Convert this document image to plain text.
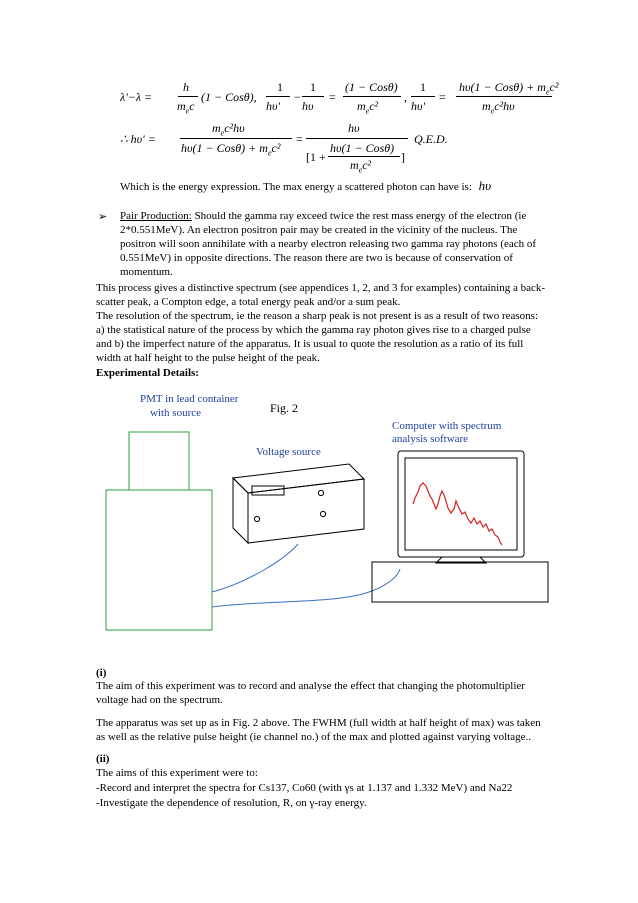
λ'−λ =
h
$m_ec$
(1 − Cosθ),
1
hυ'
−
1
hυ
=
(1 − Cosθ)
$m_ec^2$
,
1
hυ'
=
$h\upsilon(1 - Cos\theta) + m_ec^2$
$m_ec^2h\upsilon$
∴ hυ' =
$m_ec^2h\upsilon$
$h\upsilon(1 - Cos\theta) + m_ec^2$
=
hυ
[1 +
hυ(1 − Cosθ)
$m_ec^2$
]
Q.E.D.
Which is the energy expression. The max energy a scattered photon can have is: hυ
➢ Pair Production: Should the gamma ray exceed twice the rest mass energy of the electron (ie 2*0.551MeV). An electron positron pair may be created in the vicinity of the nucleus. The positron will soon annihilate with a nearby electron releasing two gamma ray photons (each of 0.551MeV) in opposite directions. The reason there are two is because of conservation of momentum.
This process gives a distinctive spectrum (see appendices 1, 2, and 3 for examples) containing a back-scatter peak, a Compton edge, a total energy peak and/or a sum peak.
The resolution of the spectrum, ie the reason a sharp peak is not present is as a result of two reasons: a) the statistical nature of the process by which the gamma ray photon gives rise to a charged pulse and b) the imperfect nature of the apparatus. It is usual to quote the resolution as a ratio of its full width at half height to the pulse height of the peak.
Experimental Details:
PMT in lead container
with source	Fig. 2
Voltage source
Computer with spectrum
analysis software
(i)
The aim of this experiment was to record and analyse the effect that changing the photomultiplier voltage had on the spectrum.
The apparatus was set up as in Fig. 2 above. The FWHM (full width at half height of max) was taken as well as the relative pulse height (ie channel no.) of the max and plotted against varying voltage..
(ii)
The aims of this experiment were to:
-Record and interpret the spectra for Cs137, Co60 (with γs at 1.137 and 1.332 MeV) and Na22
-Investigate the dependence of resolution, R, on γ-ray energy.
